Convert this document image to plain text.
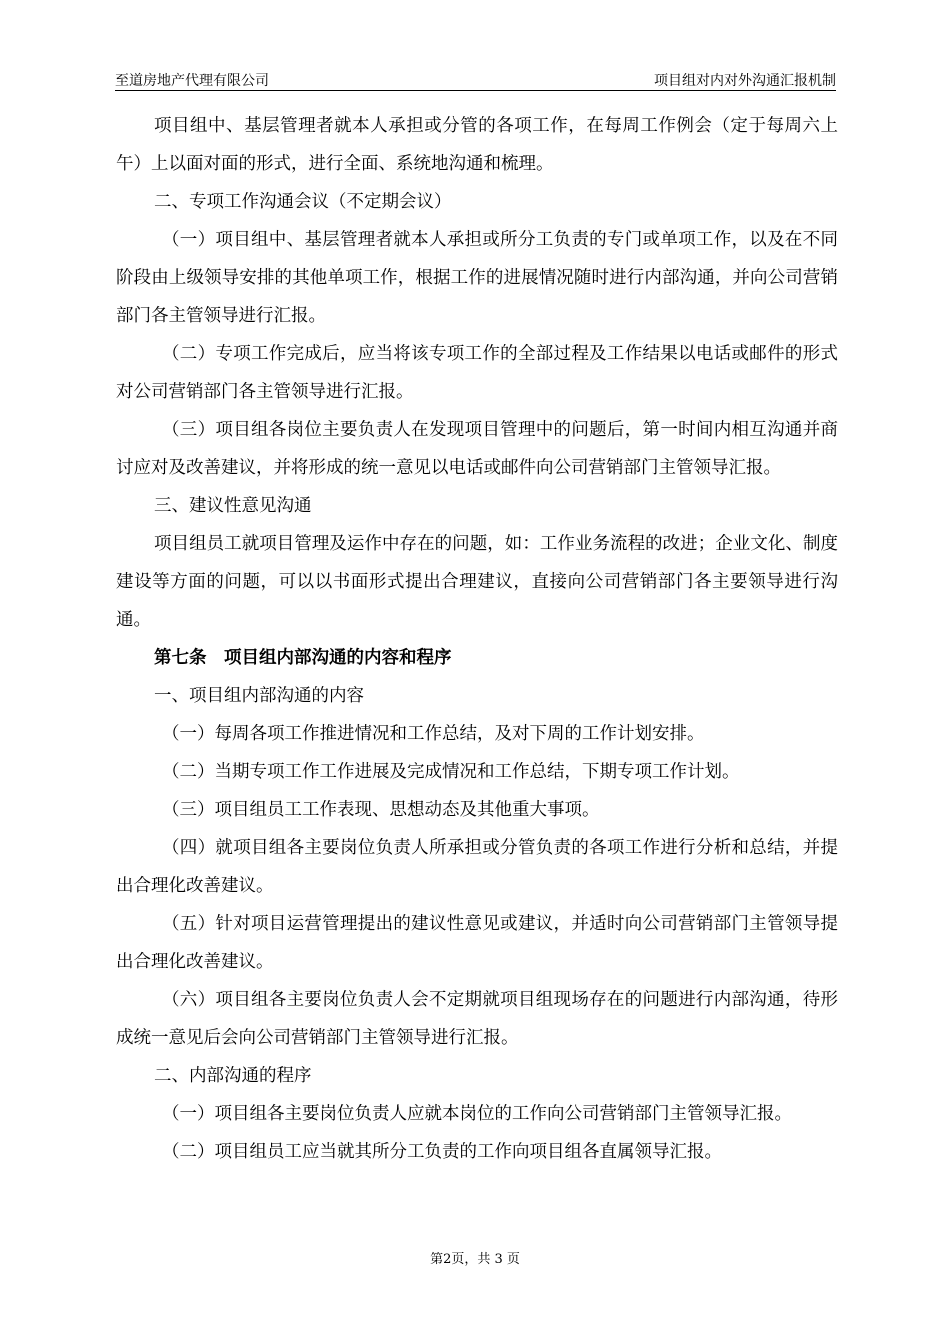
至道房地产代理有限公司	项目组对内对外沟通汇报机制

项目组中、基层管理者就本人承担或分管的各项工作，在每周工作例会（定于每周六上午）上以面对面的形式，进行全面、系统地沟通和梳理。

二、专项工作沟通会议（不定期会议）

（一）项目组中、基层管理者就本人承担或所分工负责的专门或单项工作，以及在不同阶段由上级领导安排的其他单项工作，根据工作的进展情况随时进行内部沟通，并向公司营销部门各主管领导进行汇报。

（二）专项工作完成后，应当将该专项工作的全部过程及工作结果以电话或邮件的形式对公司营销部门各主管领导进行汇报。

（三）项目组各岗位主要负责人在发现项目管理中的问题后，第一时间内相互沟通并商讨应对及改善建议，并将形成的统一意见以电话或邮件向公司营销部门主管领导汇报。

三、建议性意见沟通

项目组员工就项目管理及运作中存在的问题，如：工作业务流程的改进；企业文化、制度建设等方面的问题，可以以书面形式提出合理建议，直接向公司营销部门各主要领导进行沟通。

第七条　项目组内部沟通的内容和程序

一、项目组内部沟通的内容

（一）每周各项工作推进情况和工作总结，及对下周的工作计划安排。

（二）当期专项工作工作进展及完成情况和工作总结，下期专项工作计划。

（三）项目组员工工作表现、思想动态及其他重大事项。

（四）就项目组各主要岗位负责人所承担或分管负责的各项工作进行分析和总结，并提出合理化改善建议。

（五）针对项目运营管理提出的建议性意见或建议，并适时向公司营销部门主管领导提出合理化改善建议。

（六）项目组各主要岗位负责人会不定期就项目组现场存在的问题进行内部沟通，待形成统一意见后会向公司营销部门主管领导进行汇报。

二、内部沟通的程序

（一）项目组各主要岗位负责人应就本岗位的工作向公司营销部门主管领导汇报。

（二）项目组员工应当就其所分工负责的工作向项目组各直属领导汇报。

第2页，共 3 页
